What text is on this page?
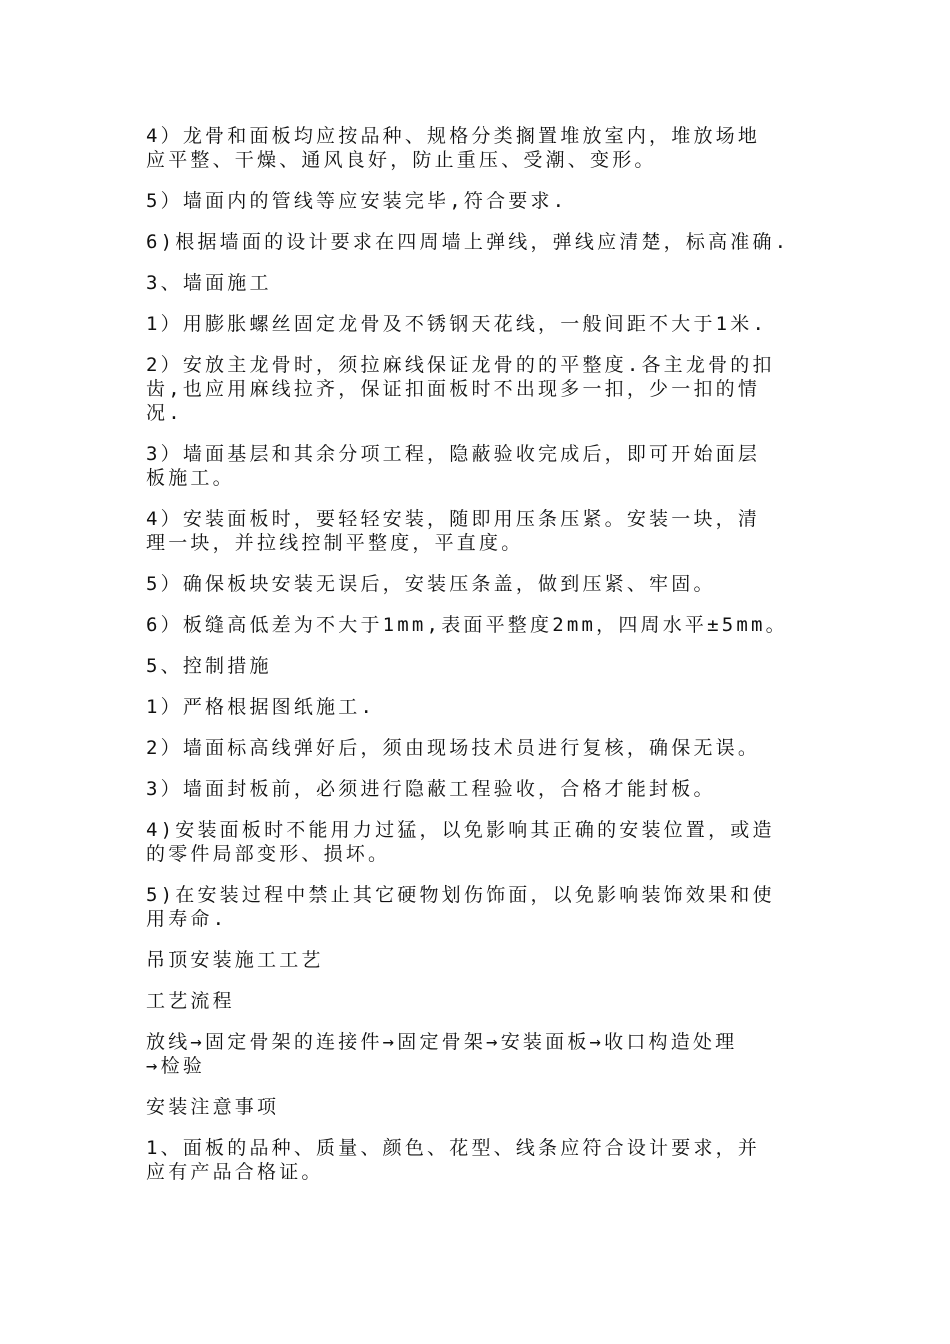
4）龙骨和面板均应按品种、规格分类搁置堆放室内，堆放场地
应平整、干燥、通风良好，防止重压、受潮、变形。

5）墙面内的管线等应安装完毕,符合要求.

6)根据墙面的设计要求在四周墙上弹线，弹线应清楚，标高准确.

3、墙面施工

1）用膨胀螺丝固定龙骨及不锈钢天花线，一般间距不大于1米.

2）安放主龙骨时，须拉麻线保证龙骨的的平整度.各主龙骨的扣
齿,也应用麻线拉齐，保证扣面板时不出现多一扣，少一扣的情
况.

3）墙面基层和其余分项工程，隐蔽验收完成后，即可开始面层
板施工。

4）安装面板时，要轻轻安装，随即用压条压紧。安装一块，清
理一块，并拉线控制平整度，平直度。

5）确保板块安装无误后，安装压条盖，做到压紧、牢固。

6）板缝高低差为不大于1mm,表面平整度2mm，四周水平±5mm。

5、控制措施

1）严格根据图纸施工.

2）墙面标高线弹好后，须由现场技术员进行复核，确保无误。

3）墙面封板前，必须进行隐蔽工程验收，合格才能封板。

4)安装面板时不能用力过猛，以免影响其正确的安装位置，或造
的零件局部变形、损坏。

5)在安装过程中禁止其它硬物划伤饰面，以免影响装饰效果和使
用寿命.

吊顶安装施工工艺

工艺流程

放线→固定骨架的连接件→固定骨架→安装面板→收口构造处理
→检验

安装注意事项

1、面板的品种、质量、颜色、花型、线条应符合设计要求，并
应有产品合格证。
